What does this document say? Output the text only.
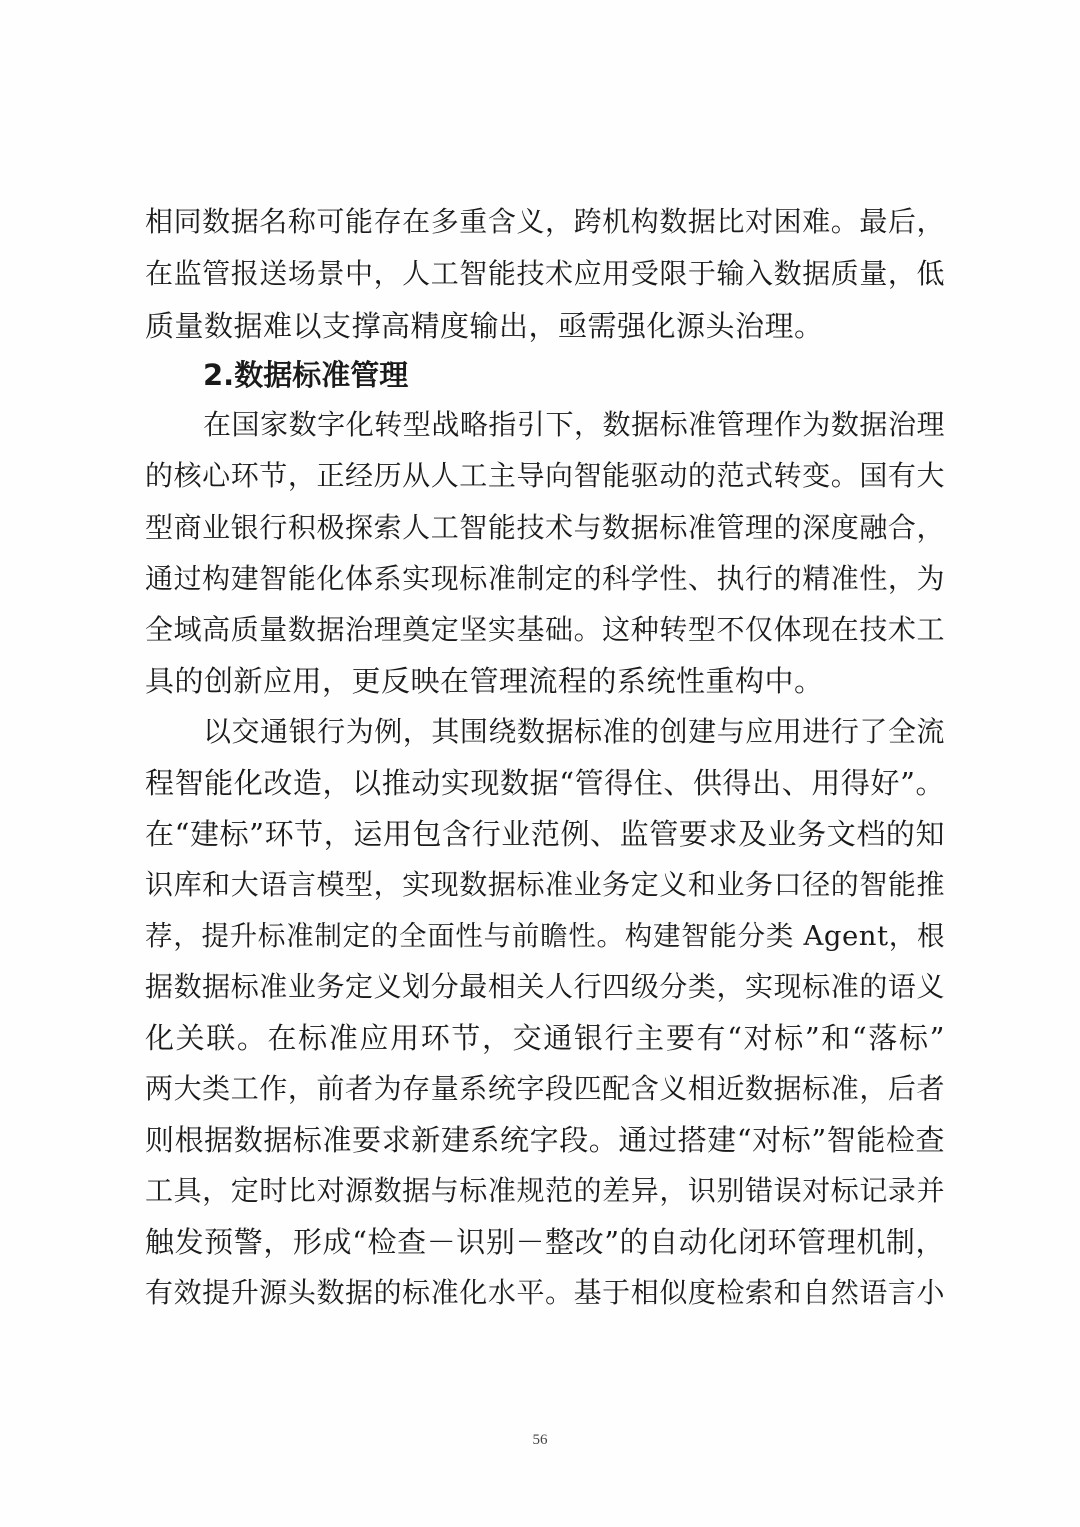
相同数据名称可能存在多重含义，跨机构数据比对困难。最后，
在监管报送场景中，人工智能技术应用受限于输入数据质量，低
质量数据难以支撑高精度输出，亟需强化源头治理。
2.数据标准管理
在国家数字化转型战略指引下，数据标准管理作为数据治理
的核心环节，正经历从人工主导向智能驱动的范式转变。国有大
型商业银行积极探索人工智能技术与数据标准管理的深度融合，
通过构建智能化体系实现标准制定的科学性、执行的精准性，为
全域高质量数据治理奠定坚实基础。这种转型不仅体现在技术工
具的创新应用，更反映在管理流程的系统性重构中。
以交通银行为例，其围绕数据标准的创建与应用进行了全流
程智能化改造，以推动实现数据“管得住、供得出、用得好”。
在“建标”环节，运用包含行业范例、监管要求及业务文档的知
识库和大语言模型，实现数据标准业务定义和业务口径的智能推
荐，提升标准制定的全面性与前瞻性。构建智能分类 Agent，根
据数据标准业务定义划分最相关人行四级分类，实现标准的语义
化关联。在标准应用环节，交通银行主要有“对标”和“落标”
两大类工作，前者为存量系统字段匹配含义相近数据标准，后者
则根据数据标准要求新建系统字段。通过搭建“对标”智能检查
工具，定时比对源数据与标准规范的差异，识别错误对标记录并
触发预警，形成“检查－识别－整改”的自动化闭环管理机制，
有效提升源头数据的标准化水平。基于相似度检索和自然语言小
56
